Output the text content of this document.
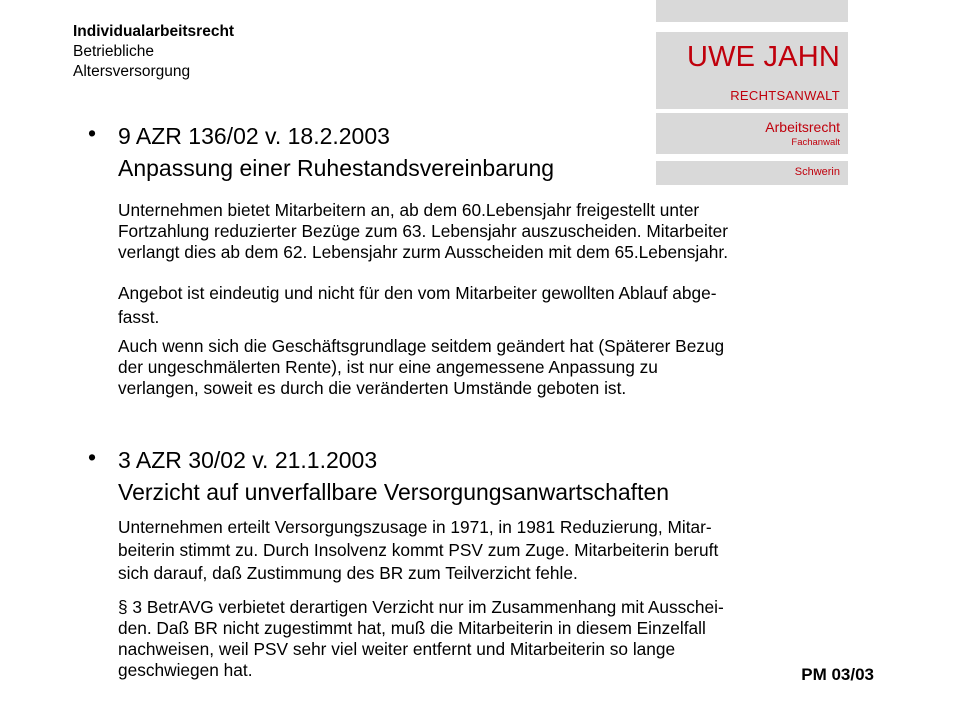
Individualarbeitsrecht
Betriebliche
Altersversorgung	UWE JAHN
RECHTSANWALT
Arbeitsrecht
Fachanwalt
Schwerin
• 9 AZR 136/02 v. 18.2.2003
Anpassung einer Ruhestandsvereinbarung
Unternehmen bietet Mitarbeitern an, ab dem 60.Lebensjahr freigestellt unter
Fortzahlung reduzierter Bezüge zum 63. Lebensjahr auszuscheiden. Mitarbeiter
verlangt dies ab dem 62. Lebensjahr zurm Ausscheiden mit dem 65.Lebensjahr.
Angebot ist eindeutig und nicht für den vom Mitarbeiter gewollten Ablauf abge-
fasst.
Auch wenn sich die Geschäftsgrundlage seitdem geändert hat (Späterer Bezug
der ungeschmälerten Rente), ist nur eine angemessene Anpassung zu
verlangen, soweit es durch die veränderten Umstände geboten ist.
• 3 AZR 30/02 v. 21.1.2003
Verzicht auf unverfallbare Versorgungsanwartschaften
Unternehmen erteilt Versorgungszusage in 1971, in 1981 Reduzierung, Mitar-
beiterin stimmt zu. Durch Insolvenz kommt PSV zum Zuge. Mitarbeiterin beruft
sich darauf, daß Zustimmung des BR zum Teilverzicht fehle.
§ 3 BetrAVG verbietet derartigen Verzicht nur im Zusammenhang mit Ausschei-
den. Daß BR nicht zugestimmt hat, muß die Mitarbeiterin in diesem Einzelfall
nachweisen, weil PSV sehr viel weiter entfernt und Mitarbeiterin so lange
geschwiegen hat.	PM 03/03
